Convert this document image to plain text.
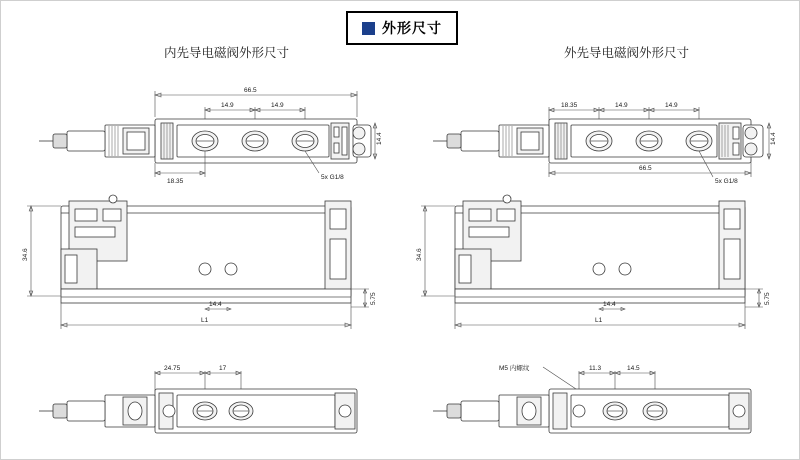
外形尺寸
内先导电磁阀外形尺寸	外先导电磁阀外形尺寸
66.5
14.9	14.9
14.4
18.35
5x G1/8
34.6
L1
14.4	5.75
24.75	17
18.35	14.9	14.9
14.4
66.5
5x G1/8
34.6
L1
14.4	5.75
M5 内螺纹	11.3	14.5
